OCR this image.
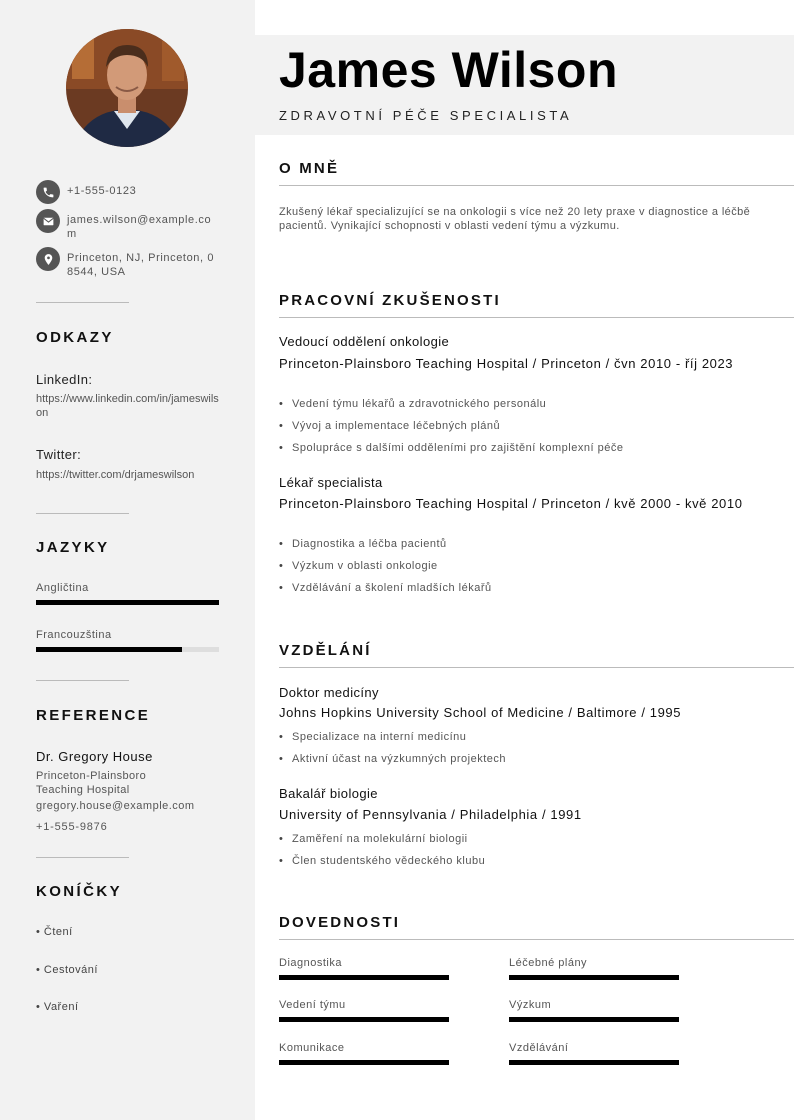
+1-555-0123
james.wilson@example.com
Princeton, NJ, Princeton, 08544, USA
ODKAZY
LinkedIn:
https://www.linkedin.com/in/jameswilson
Twitter:
https://twitter.com/drjameswilson
JAZYKY
Angličtina
Francouzština
REFERENCE
Dr. Gregory House
Princeton-Plainsboro Teaching Hospital
gregory.house@example.com
+1-555-9876
KONÍČKY
• Čtení
• Cestování
• Vaření
James Wilson
ZDRAVOTNÍ PÉČE SPECIALISTA
O MNĚ
Zkušený lékař specializující se na onkologii s více než 20 lety praxe v diagnostice a léčbě pacientů. Vynikající schopnosti v oblasti vedení týmu a výzkumu.
PRACOVNÍ ZKUŠENOSTI
Vedoucí oddělení onkologie
Princeton-Plainsboro Teaching Hospital / Princeton / čvn 2010 - říj 2023
• Vedení týmu lékařů a zdravotnického personálu
• Vývoj a implementace léčebných plánů
• Spolupráce s dalšími odděleními pro zajištění komplexní péče
Lékař specialista
Princeton-Plainsboro Teaching Hospital / Princeton / kvě 2000 - kvě 2010
• Diagnostika a léčba pacientů
• Výzkum v oblasti onkologie
• Vzdělávání a školení mladších lékařů
VZDĚLÁNÍ
Doktor medicíny
Johns Hopkins University School of Medicine / Baltimore / 1995
• Specializace na interní medicínu
• Aktivní účast na výzkumných projektech
Bakalář biologie
University of Pennsylvania / Philadelphia / 1991
• Zaměření na molekulární biologii
• Člen studentského vědeckého klubu
DOVEDNOSTI
Diagnostika	Léčebné plány
Vedení týmu	Výzkum
Komunikace	Vzdělávání
